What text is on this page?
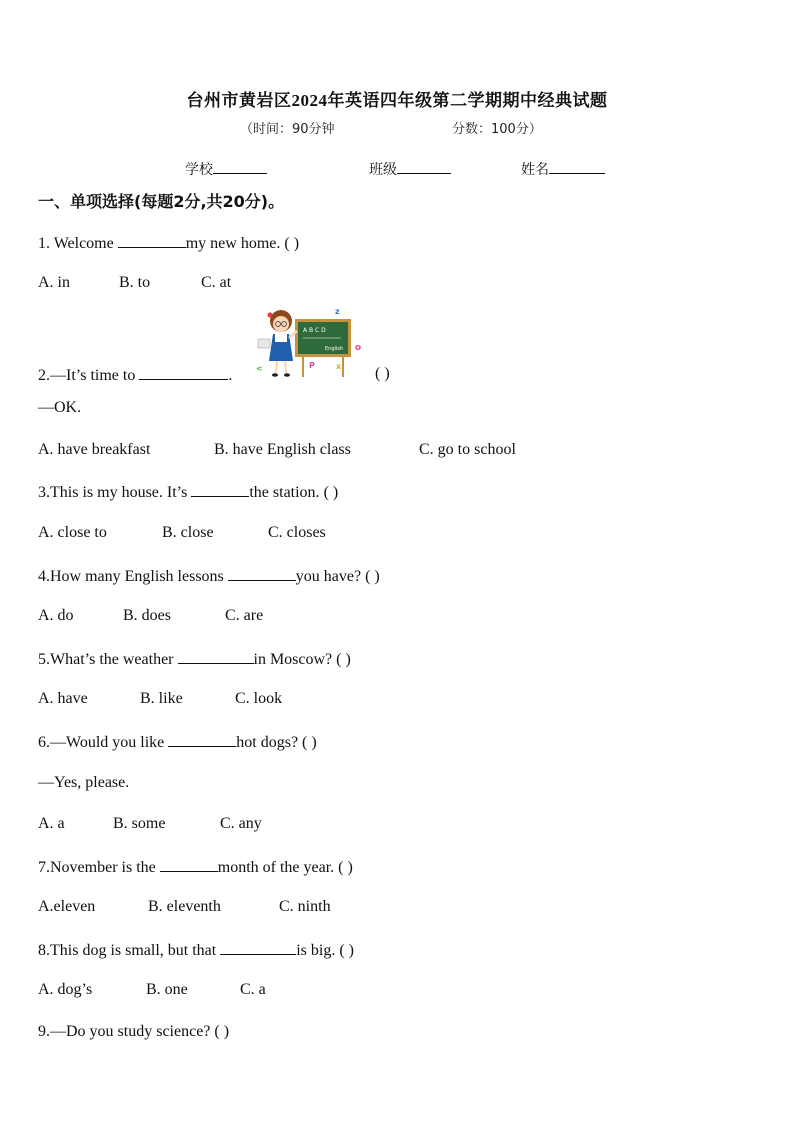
台州市黄岩区2024年英语四年级第二学期期中经典试题
（时间：90分钟	分数：100分）
学校	班级	姓名
一、单项选择(每题2分,共20分)。
1. Welcome	my new home. ( )
A. in	B. to	C. at
A B C D
English
z
o
P	x
<
2.—It’s time to	.	( )
—OK.
A. have breakfast	B. have English class	C. go to school
3.This is my house. It’s	the station. ( )
A. close to	B. close	C. closes
4.How many English lessons	you have? ( )
A. do	B. does	C. are
5.What’s the weather	in Moscow? ( )
A. have	B. like	C. look
6.—Would you like	hot dogs? ( )
—Yes, please.
A. a	B. some	C. any
7.November is the	month of the year. ( )
A.eleven	B. eleventh	C. ninth
8.This dog is small, but that	is big. ( )
A. dog’s	B. one	C. a
9.—Do you study science? ( )
